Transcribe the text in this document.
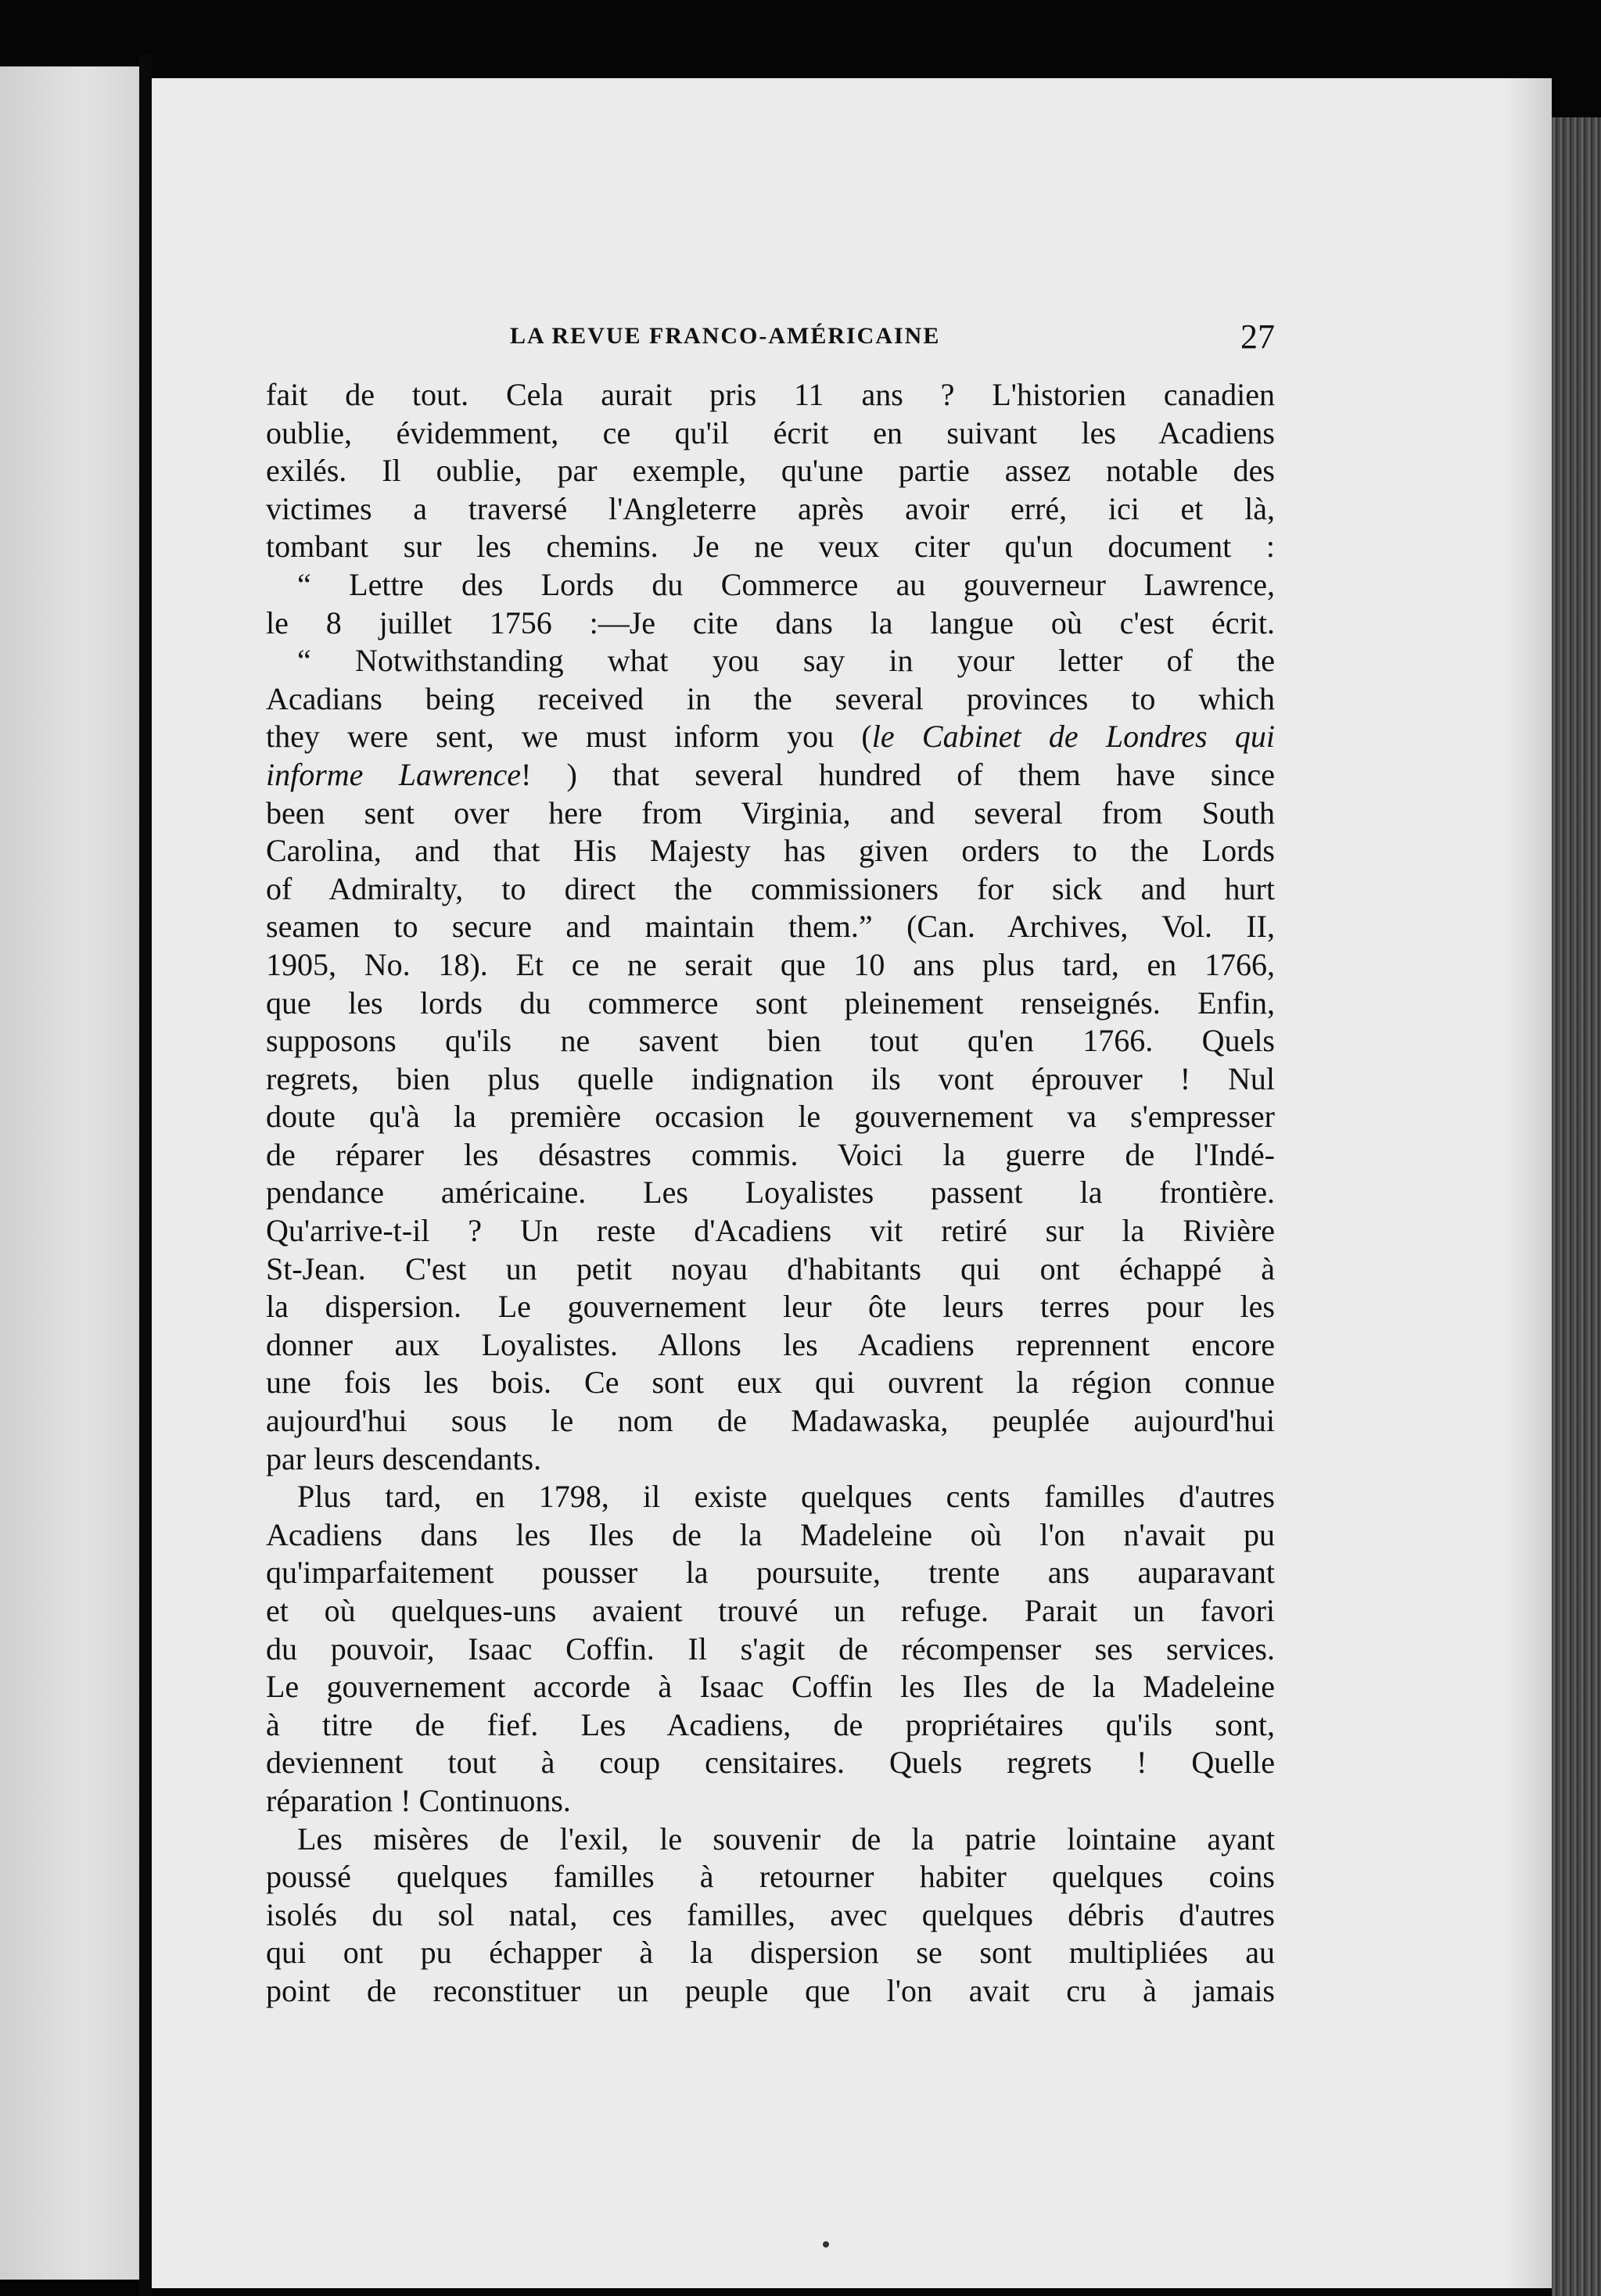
LA REVUE FRANCO-AMÉRICAINE	27
fait de tout. Cela aurait pris 11 ans ? L'historien canadien
oublie, évidemment, ce qu'il écrit en suivant les Acadiens
exilés. Il oublie, par exemple, qu'une partie assez notable des
victimes a traversé l'Angleterre après avoir erré, ici et là,
tombant sur les chemins. Je ne veux citer qu'un document :
“ Lettre des Lords du Commerce au gouverneur Lawrence,
le 8 juillet 1756 :—Je cite dans la langue où c'est écrit.
“ Notwithstanding what you say in your letter of the
Acadians being received in the several provinces to which
they were sent, we must inform you (le Cabinet de Londres qui
informe Lawrence! ) that several hundred of them have since
been sent over here from Virginia, and several from South
Carolina, and that His Majesty has given orders to the Lords
of Admiralty, to direct the commissioners for sick and hurt
seamen to secure and maintain them.” (Can. Archives, Vol. II,
1905, No. 18). Et ce ne serait que 10 ans plus tard, en 1766,
que les lords du commerce sont pleinement renseignés. Enfin,
supposons qu'ils ne savent bien tout qu'en 1766. Quels
regrets, bien plus quelle indignation ils vont éprouver ! Nul
doute qu'à la première occasion le gouvernement va s'empresser
de réparer les désastres commis. Voici la guerre de l'Indé-
pendance américaine. Les Loyalistes passent la frontière.
Qu'arrive-t-il ? Un reste d'Acadiens vit retiré sur la Rivière
St-Jean. C'est un petit noyau d'habitants qui ont échappé à
la dispersion. Le gouvernement leur ôte leurs terres pour les
donner aux Loyalistes. Allons les Acadiens reprennent encore
une fois les bois. Ce sont eux qui ouvrent la région connue
aujourd'hui sous le nom de Madawaska, peuplée aujourd'hui
par leurs descendants.
Plus tard, en 1798, il existe quelques cents familles d'autres
Acadiens dans les Iles de la Madeleine où l'on n'avait pu
qu'imparfaitement pousser la poursuite, trente ans auparavant
et où quelques-uns avaient trouvé un refuge. Parait un favori
du pouvoir, Isaac Coffin. Il s'agit de récompenser ses services.
Le gouvernement accorde à Isaac Coffin les Iles de la Madeleine
à titre de fief. Les Acadiens, de propriétaires qu'ils sont,
deviennent tout à coup censitaires. Quels regrets ! Quelle
réparation ! Continuons.
Les misères de l'exil, le souvenir de la patrie lointaine ayant
poussé quelques familles à retourner habiter quelques coins
isolés du sol natal, ces familles, avec quelques débris d'autres
qui ont pu échapper à la dispersion se sont multipliées au
point de reconstituer un peuple que l'on avait cru à jamais
